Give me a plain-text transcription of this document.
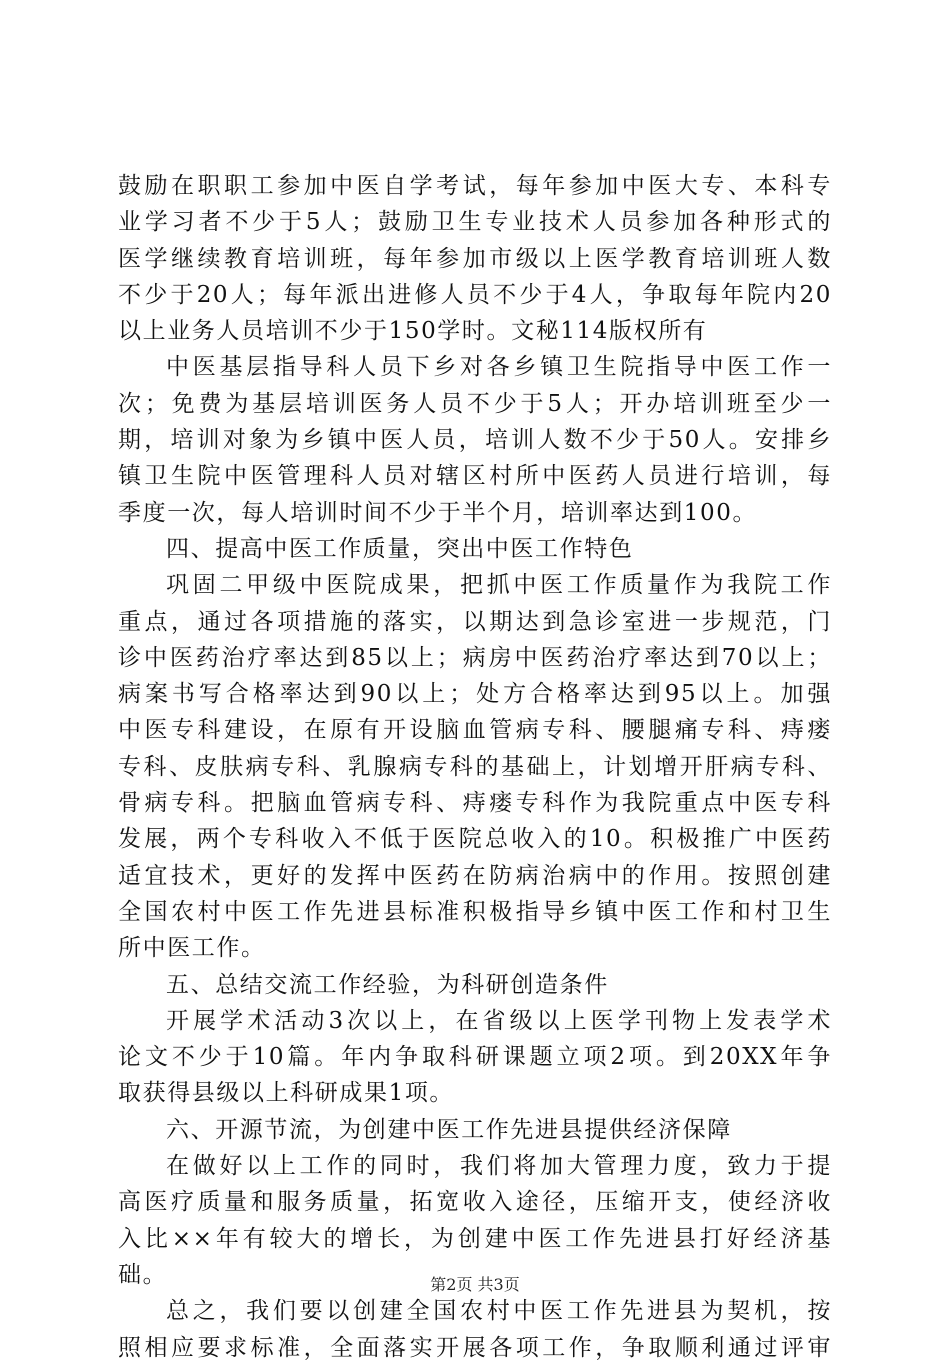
鼓励在职职工参加中医自学考试，每年参加中医大专、本科专
业学习者不少于5人；鼓励卫生专业技术人员参加各种形式的
医学继续教育培训班，每年参加市级以上医学教育培训班人数
不少于20人；每年派出进修人员不少于4人，争取每年院内20
以上业务人员培训不少于150学时。文秘114版权所有
中医基层指导科人员下乡对各乡镇卫生院指导中医工作一
次；免费为基层培训医务人员不少于5人；开办培训班至少一
期，培训对象为乡镇中医人员，培训人数不少于50人。安排乡
镇卫生院中医管理科人员对辖区村所中医药人员进行培训，每
季度一次，每人培训时间不少于半个月，培训率达到100。
四、提高中医工作质量，突出中医工作特色
巩固二甲级中医院成果，把抓中医工作质量作为我院工作
重点，通过各项措施的落实，以期达到急诊室进一步规范，门
诊中医药治疗率达到85以上；病房中医药治疗率达到70以上；
病案书写合格率达到90以上；处方合格率达到95以上。加强
中医专科建设，在原有开设脑血管病专科、腰腿痛专科、痔瘘
专科、皮肤病专科、乳腺病专科的基础上，计划增开肝病专科、
骨病专科。把脑血管病专科、痔瘘专科作为我院重点中医专科
发展，两个专科收入不低于医院总收入的10。积极推广中医药
适宜技术，更好的发挥中医药在防病治病中的作用。按照创建
全国农村中医工作先进县标准积极指导乡镇中医工作和村卫生
所中医工作。
五、总结交流工作经验，为科研创造条件
开展学术活动3次以上，在省级以上医学刊物上发表学术
论文不少于10篇。年内争取科研课题立项2项。到20XX年争
取获得县级以上科研成果1项。
六、开源节流，为创建中医工作先进县提供经济保障
在做好以上工作的同时，我们将加大管理力度，致力于提
高医疗质量和服务质量，拓宽收入途径，压缩开支，使经济收
入比××年有较大的增长，为创建中医工作先进县打好经济基
础。
总之，我们要以创建全国农村中医工作先进县为契机，按
照相应要求标准，全面落实开展各项工作，争取顺利通过评审
第2页 共3页
